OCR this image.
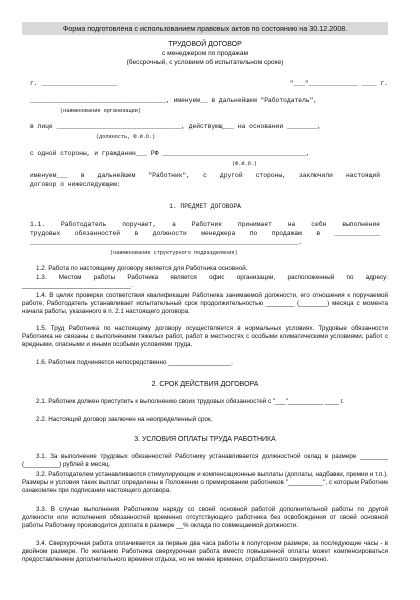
Форма подготовлена с использованием правовых актов по состоянию на 30.12.2008.
ТРУДОВОЙ ДОГОВОР
с менеджером по продажам
(бессрочный, с условием об испытательном сроке)
г. ____________________	"___"_____________ ____ г.
____________________________________, именуем__ в дальнейшем "Работодатель",
(наименование организации)
в лице _________________________________, действующ___ на основании ________,
(должность, Ф.И.О.)
с одной стороны, и гражданин___ РФ ______________________________________,
(Ф.И.О.)
именуем___ в дальнейшем "Работник", с другой стороны, заключили настоящий
договор о нижеследующем:
1. ПРЕДМЕТ ДОГОВОРА
1.1. Работодатель поручает, а Работник принимает на себя выполнение
трудовых обязанностей в должности менеджера по продажам в ____________
_______________________________________________________________________.
(наименование структурного подразделения)
1.2. Работа по настоящему договору является для Работника основной.
1.3. Местом работы Работника является офис организации, расположенный по адресу: _______________________________.
1.4. В целях проверки соответствия квалификации Работника занимаемой должности, его отношения к поручаемой работе, Работодатель устанавливает испытательный срок продолжительностью ________ (________) месяца с момента начала работы, указанного в п. 2.1 настоящего договора.
1.5. Труд Работника по настоящему договору осуществляется в нормальных условиях. Трудовые обязанности Работника не связаны с выполнением тяжелых работ, работ в местностях с особыми климатическими условиями, работ с вредными, опасными и иными особыми условиями труда.
1.6. Работник подчиняется непосредственно __________________.
2. СРОК ДЕЙСТВИЯ ДОГОВОРА
2.1. Работник должен приступить к выполнению своих трудовых обязанностей с "___"__________ ____ г.
2.2. Настоящий договор заключен на неопределенный срок.
3. УСЛОВИЯ ОПЛАТЫ ТРУДА РАБОТНИКА
3.1. За выполнение трудовых обязанностей Работнику устанавливается должностной оклад в размере ________ (__________) рублей в месяц.
3.2. Работодателем устанавливаются стимулирующие и компенсационные выплаты (доплаты, надбавки, премии и т.п.). Размеры и условия таких выплат определены в Положении о премировании работников "__________", с которым Работник ознакомлен при подписании настоящего договора.
3.3. В случае выполнения Работником наряду со своей основной работой дополнительной работы по другой должности или исполнения обязанностей временно отсутствующего работника без освобождения от своей основной работы Работнику производится доплата в размере __% оклада по совмещаемой должности.
3.4. Сверхурочная работа оплачивается за первые два часа работы в полуторном размере, за последующие часы - в двойном размере. По желанию Работника сверхурочная работа вместо повышенной оплаты может компенсироваться предоставлением дополнительного времени отдыха, но не менее времени, отработанного сверхурочно.
